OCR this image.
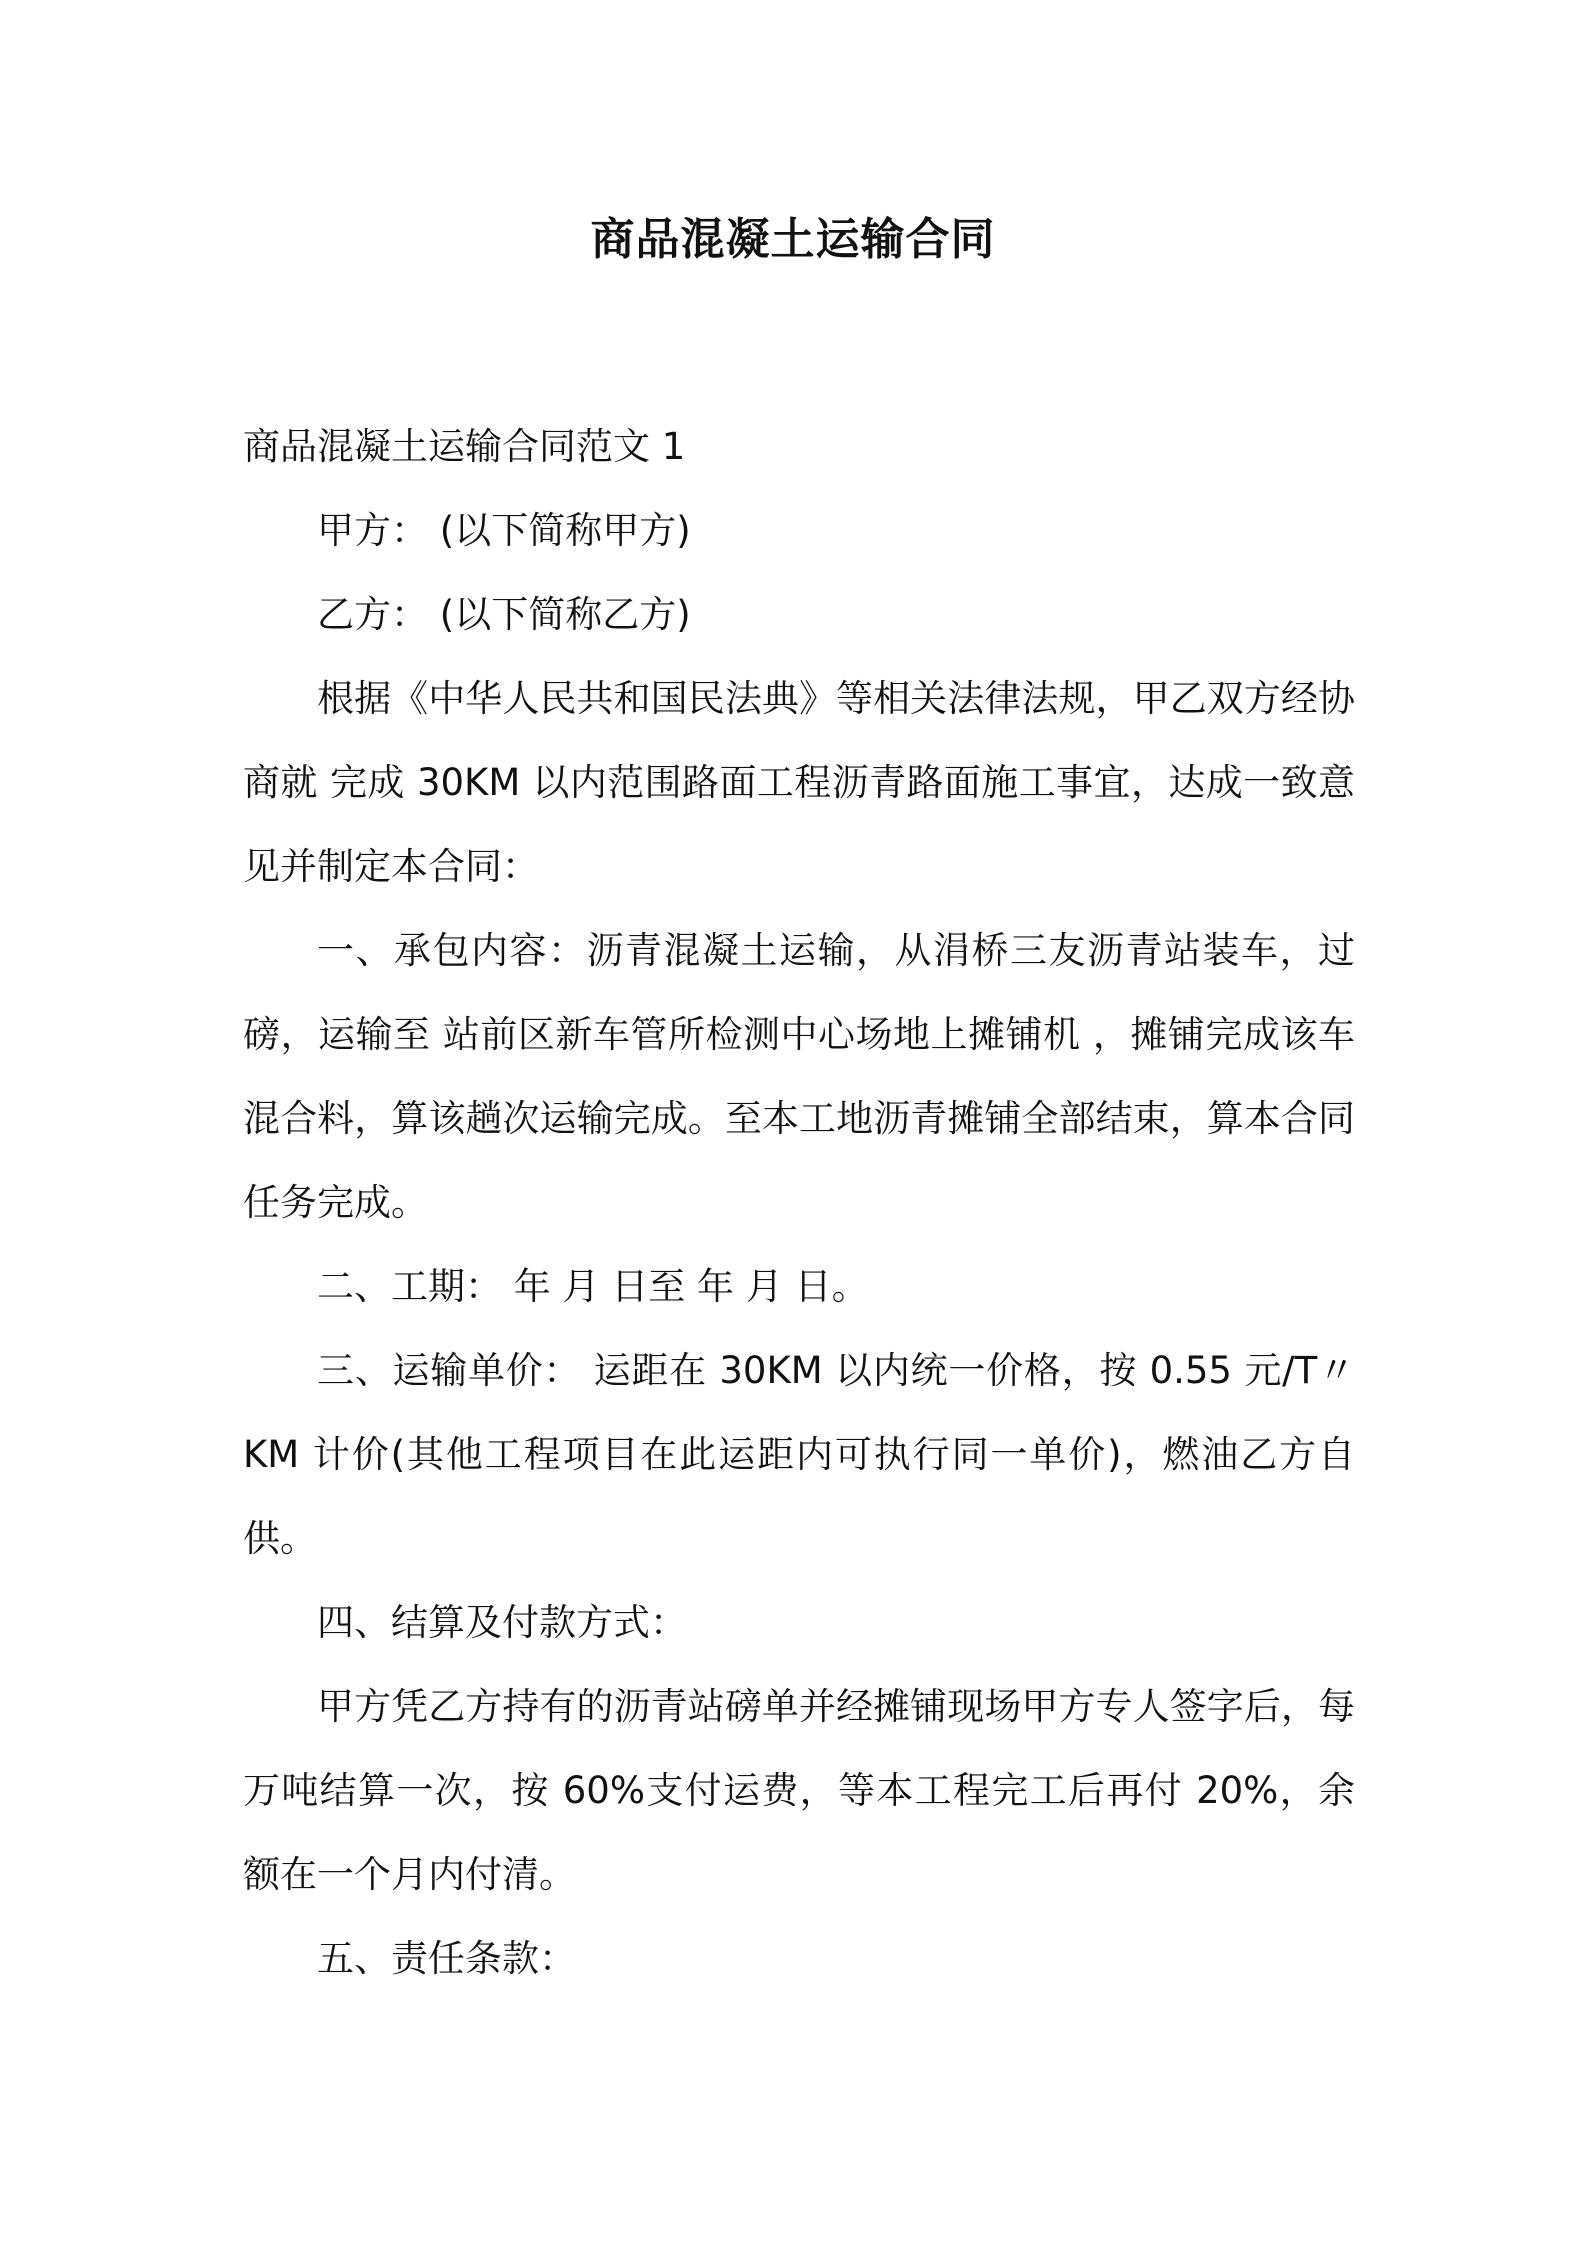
商品混凝土运输合同

商品混凝土运输合同范文 1

甲方： (以下简称甲方)

乙方： (以下简称乙方)

根据《中华人民共和国民法典》等相关法律法规，甲乙双方经协商就 完成 30KM 以内范围路面工程沥青路面施工事宜，达成一致意见并制定本合同：

一、承包内容：沥青混凝土运输，从涓桥三友沥青站装车，过磅，运输至 站前区新车管所检测中心场地上摊铺机 ，摊铺完成该车混合料，算该趟次运输完成。至本工地沥青摊铺全部结束，算本合同任务完成。

二、工期： 年 月 日至 年 月 日。

三、运输单价： 运距在 30KM 以内统一价格，按 0.55 元/T〃KM 计价(其他工程项目在此运距内可执行同一单价)，燃油乙方自供。

四、结算及付款方式：

甲方凭乙方持有的沥青站磅单并经摊铺现场甲方专人签字后，每 万吨结算一次，按 60%支付运费，等本工程完工后再付 20%，余额在一个月内付清。

五、责任条款：
